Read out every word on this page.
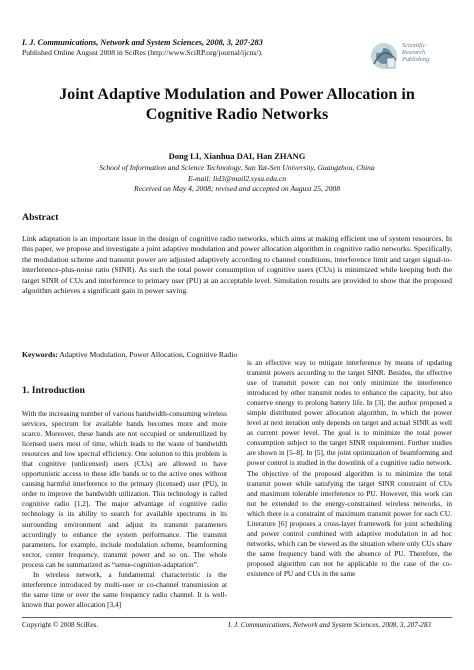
I. J. Communications, Network and System Sciences, 2008, 3, 207-283
Published Online August 2008 in SciRes (http://www.SciRP.org/journal/ijcns/).
Scientific
Research
Publishing
Joint Adaptive Modulation and Power Allocation in
Cognitive Radio Networks
Dong LI, Xianhua DAI, Han ZHANG
School of Information and Science Technology, Sun Yat-Sen University, Guangzhou, China
E-mail: lid3@mail2.sysu.edu.cn
Received on May 4, 2008; revised and accepted on August 25, 2008
Abstract
Link adaptation is an important issue in the design of cognitive radio networks, which aims at making efficient use of system resources. In this paper, we propose and investigate a joint adaptive modulation and power allocation algorithm in cognitive radio networks. Specifically, the modulation scheme and transmit power are adjusted adaptively according to channel conditions, interference limit and target signal-to-interference-plus-noise ratio (SINR). As such the total power consumption of cognitive users (CUs) is minimized while keeping both the target SINR of CUs and interference to primary user (PU) at an acceptable level. Simulation results are provided to show that the proposed algorithm achieves a significant gain in power saving.
Keywords: Adaptive Modulation, Power Allocation, Cognitive Radio
1. Introduction

With the increasing number of various bandwidth-consuming wireless services, spectrum for available bands becomes more and more scarce. Moreover, these bands are not occupied or underutilized by licensed users most of time, which leads to the waste of bandwidth resources and low spectral efficiency. One solution to this problem is that cognitive (unlicensed) users (CUs) are allowed to have opportunistic access to these idle bands or to the active ones without causing harmful interference to the primary (licensed) user (PU), in order to improve the bandwidth utilization. This technology is called cognitive radio [1,2]. The major advantage of cognitive radio technology is its ability to search for available spectrums in its surrounding environment and adjust its transmit parameters accordingly to enhance the system performance. The transmit parameters, for example, include modulation scheme, beamforming vector, center frequency, transmit power and so on. The whole process can be summarized as “sense-cognition-adaptation”.

In wireless network, a fundamental characteristic is the interference introduced by multi-user or co-channel transmission at the same time or over the same frequency radio channel. It is well-known that power allocation [3,4]

is an effective way to mitigate interference by means of updating transmit powers according to the target SINR. Besides, the effective use of transmit power can not only minimize the interference introduced by other transmit nodes to enhance the capacity, but also conserve energy to prolong battery life. In [3], the author proposed a simple distributed power allocation algorithm, in which the power level at next iteration only depends on target and actual SINR as well as current power level. The goal is to minimize the total power consumption subject to the target SINR requirement. Further studies are shown in [5–8]. In [5], the joint optimization of beamforming and power control is studied in the downlink of a cognitive radio network. The objective of the proposed algorithm is to minimize the total transmit power while satisfying the target SINR constraint of CUs and maximum tolerable interference to PU. However, this work can not be extended to the energy-constrained wireless networks, in which there is a constraint of maximum transmit power for each CU. Literature [6] proposes a cross-layer framework for joint scheduling and power control combined with adaptive modulation in ad hoc networks, which can be viewed as the situation where only CUs share the same frequency band with the absence of PU. Therefore, the proposed algorithm can not be applicable to the case of the co-existence of PU and CUs in the same

Copyright © 2008 SciRes.	I. J. Communications, Network and System Sciences, 2008, 3, 207-283
